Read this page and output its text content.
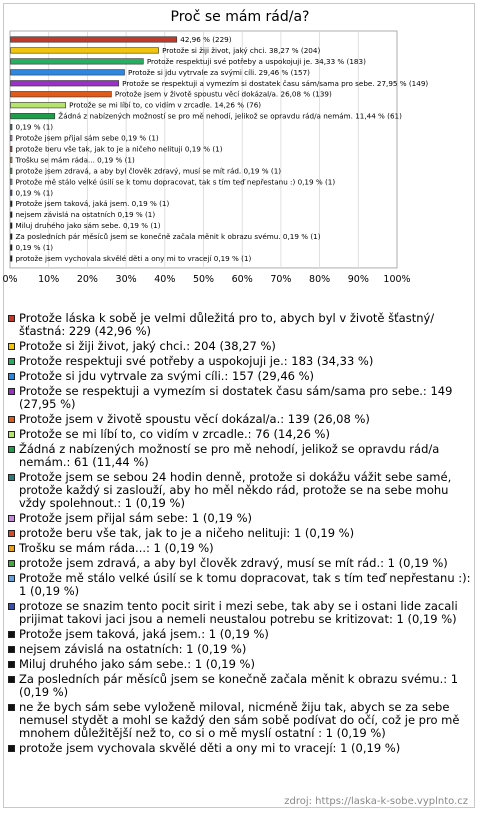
Proč se mám rád/a?
0% 10% 20% 30% 40% 50% 60% 70% 80% 90% 100%
42,96 % (229)
Protože si žiji život, jaký chci. 38,27 % (204)
Protože respektuji své potřeby a uspokojuji je. 34,33 % (183)
Protože si jdu vytrvale za svými cíli. 29,46 % (157)
Protože se respektuji a vymezím si dostatek času sám/sama pro sebe. 27,95 % (149)
Protože jsem v životě spoustu věcí dokázal/a. 26,08 % (139)
Protože se mi líbí to, co vidím v zrcadle. 14,26 % (76)
Žádná z nabízených možností se pro mě nehodí, jelikož se opravdu rád/a nemám. 11,44 % (61)
0,19 % (1)
Protože jsem přijal sám sebe 0,19 % (1)
protože beru vše tak, jak to je a ničeho nelituji 0,19 % (1)
Trošku se mám ráda... 0,19 % (1)
protože jsem zdravá, a aby byl člověk zdravý, musí se mít rád. 0,19 % (1)
Protože mě stálo velké úsilí se k tomu dopracovat, tak s tím teď nepřestanu :) 0,19 % (1)
0,19 % (1)
Protože jsem taková, jaká jsem. 0,19 % (1)
nejsem závislá na ostatních 0,19 % (1)
Miluj druhého jako sám sebe. 0,19 % (1)
Za posledních pár měsíců jsem se konečně začala měnit k obrazu svému. 0,19 % (1)
0,19 % (1)
protože jsem vychovala skvělé děti a ony mi to vracejí 0,19 % (1)
Protože láska k sobě je velmi důležitá pro to, abych byl v životě šťastný/šťastná: 229 (42,96 %)
Protože si žiji život, jaký chci.: 204 (38,27 %)
Protože respektuji své potřeby a uspokojuji je.: 183 (34,33 %)
Protože si jdu vytrvale za svými cíli.: 157 (29,46 %)
Protože se respektuji a vymezím si dostatek času sám/sama pro sebe.: 149 (27,95 %)
Protože jsem v životě spoustu věcí dokázal/a.: 139 (26,08 %)
Protože se mi líbí to, co vidím v zrcadle.: 76 (14,26 %)
Žádná z nabízených možností se pro mě nehodí, jelikož se opravdu rád/a nemám.: 61 (11,44 %)
Protože jsem se sebou 24 hodin denně, protože si dokážu vážit sebe samé, protože každý si zaslouží, aby ho měl někdo rád, protože se na sebe mohu vždy spolehnout.: 1 (0,19 %)
Protože jsem přijal sám sebe: 1 (0,19 %)
protože beru vše tak, jak to je a ničeho nelituji: 1 (0,19 %)
Trošku se mám ráda...: 1 (0,19 %)
protože jsem zdravá, a aby byl člověk zdravý, musí se mít rád.: 1 (0,19 %)
Protože mě stálo velké úsilí se k tomu dopracovat, tak s tím teď nepřestanu :): 1 (0,19 %)
protoze se snazim tento pocit sirit i mezi sebe, tak aby se i ostani lide zacali prijimat takovi jaci jsou a nemeli neustalou potrebu se kritizovat: 1 (0,19 %)
Protože jsem taková, jaká jsem.: 1 (0,19 %)
nejsem závislá na ostatních: 1 (0,19 %)
Miluj druhého jako sám sebe.: 1 (0,19 %)
Za posledních pár měsíců jsem se konečně začala měnit k obrazu svému.: 1 (0,19 %)
ne že bych sám sebe vyloženě miloval, nicméně žiju tak, abych se za sebe nemusel stydět a mohl se každý den sám sobě podívat do očí, což je pro mě mnohem důležitější než to, co si o mě myslí ostatní : 1 (0,19 %)
protože jsem vychovala skvělé děti a ony mi to vracejí: 1 (0,19 %)
zdroj: https://laska-k-sobe.vyplnto.cz
